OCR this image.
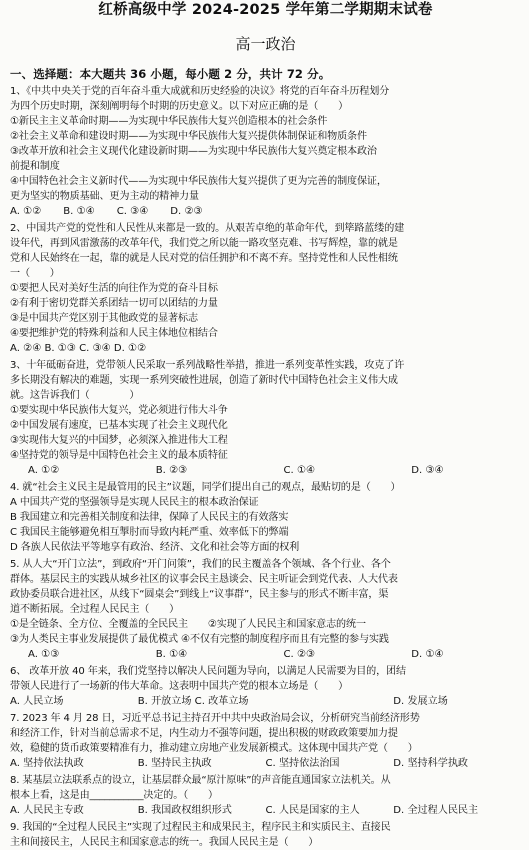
红桥高级中学 2024-2025 学年第二学期期末试卷
高一政治
一、选择题：本大题共 36 小题，每小题 2 分，共计 72 分。
1、《中共中央关于党的百年奋斗重大成就和历史经验的决议》将党的百年奋斗历程划分
为四个历史时期，深刻阐明每个时期的历史意义。以下对应正确的是（　　）
①新民主主义革命时期——为实现中华民族伟大复兴创造根本的社会条件
②社会主义革命和建设时期——为实现中华民族伟大复兴提供体制保证和物质条件
③改革开放和社会主义现代化建设新时期——为实现中华民族伟大复兴奠定根本政治
前提和制度
④中国特色社会主义新时代——为实现中华民族伟大复兴提供了更为完善的制度保证，
更为坚实的物质基础、更为主动的精神力量
A. ①② B. ①④ C. ③④ D. ②③
2、中国共产党的党性和人民性从来都是一致的。从艰苦卓绝的革命年代，到筚路蓝缕的建
设年代，再到风雷激荡的改革年代，我们党之所以能一路攻坚克难、书写辉煌，靠的就是
党和人民始终在一起，靠的就是人民对党的信任拥护和不离不弃。坚持党性和人民性相统
一（　　）
①要把人民对美好生活的向往作为党的奋斗目标
②有利于密切党群关系团结一切可以团结的力量
③是中国共产党区别于其他政党的显著标志
④要把维护党的特殊利益和人民主体地位相结合
A. ②④ B. ①③ C. ③④ D. ①②
3、十年砥砺奋进，党带领人民采取一系列战略性举措，推进一系列变革性实践，攻克了许
多长期没有解决的难题，实现一系列突破性进展，创造了新时代中国特色社会主义伟大成
就。这告诉我们（　　　　）
①要实现中华民族伟大复兴，党必须进行伟大斗争
②中国发展有速度，已基本实现了社会主义现代化
③实现伟大复兴的中国梦，必须深入推进伟大工程
④坚持党的领导是中国特色社会主义的最本质特征
A. ①②	B. ②③	C. ①④	D. ③④
4. 就“社会主义民主是最管用的民主”议题，同学们提出自己的观点，最贴切的是（　　）
A 中国共产党的坚强领导是实现人民民主的根本政治保证
B 我国建立和完善相关制度和法律，保障了人民民主的有效落实
C 我国民主能够避免相互掣肘而导致内耗严重、效率低下的弊端
D 各族人民依法平等地享有政治、经济、文化和社会等方面的权利
5. 从人大“开门立法”，到政府“开门问策”，我们的民主覆盖各个领域、各个行业、各个
群体。基层民主的实践从城乡社区的议事会民主恳谈会、民主听证会到党代表、人大代表
政协委员联合进社区，从线下“圆桌会”到线上“议事群”，民主参与的形式不断丰富，渠
道不断拓展。全过程人民民主（　　）
①是全链条、全方位、全覆盖的全民民主　　②实现了人民民主和国家意志的统一
③为人类民主事业发展提供了最优模式 ④不仅有完整的制度程序而且有完整的参与实践
A. ①③	B. ①④	C. ②③	D. ①④
6、 改革开放 40 年来，我们党坚持以解决人民问题为导向，以满足人民需要为目的，团结
带领人民进行了一场新的伟大革命。这表明中国共产党的根本立场是（　　）
A. 人民立场	B. 开放立场 C. 改革立场	D. 发展立场
7. 2023 年 4 月 28 日，习近平总书记主持召开中共中央政治局会议，分析研究当前经济形势
和经济工作，针对当前总需求不足，内生动力不强等问题，提出积极的财政政策要加力提
效，稳健的货币政策要精准有力，推动建立房地产业发展新模式。这体现中国共产党（　　）
A. 坚持依法执政	B. 坚持民主执政	C. 坚持依法治国	D. 坚持科学执政
8. 某基层立法联系点的设立，让基层群众最“原汁原味”的声音能直通国家立法机关。从
根本上看，这是由___________决定的。（　　）
A. 人民民主专政	B. 我国政权组织形式	C. 人民是国家的主人	D. 全过程人民民主
9. 我国的“全过程人民民主”实现了过程民主和成果民主，程序民主和实质民主、直接民
主和间接民主，人民民主和国家意志的统一。我国人民民主是（　　）
